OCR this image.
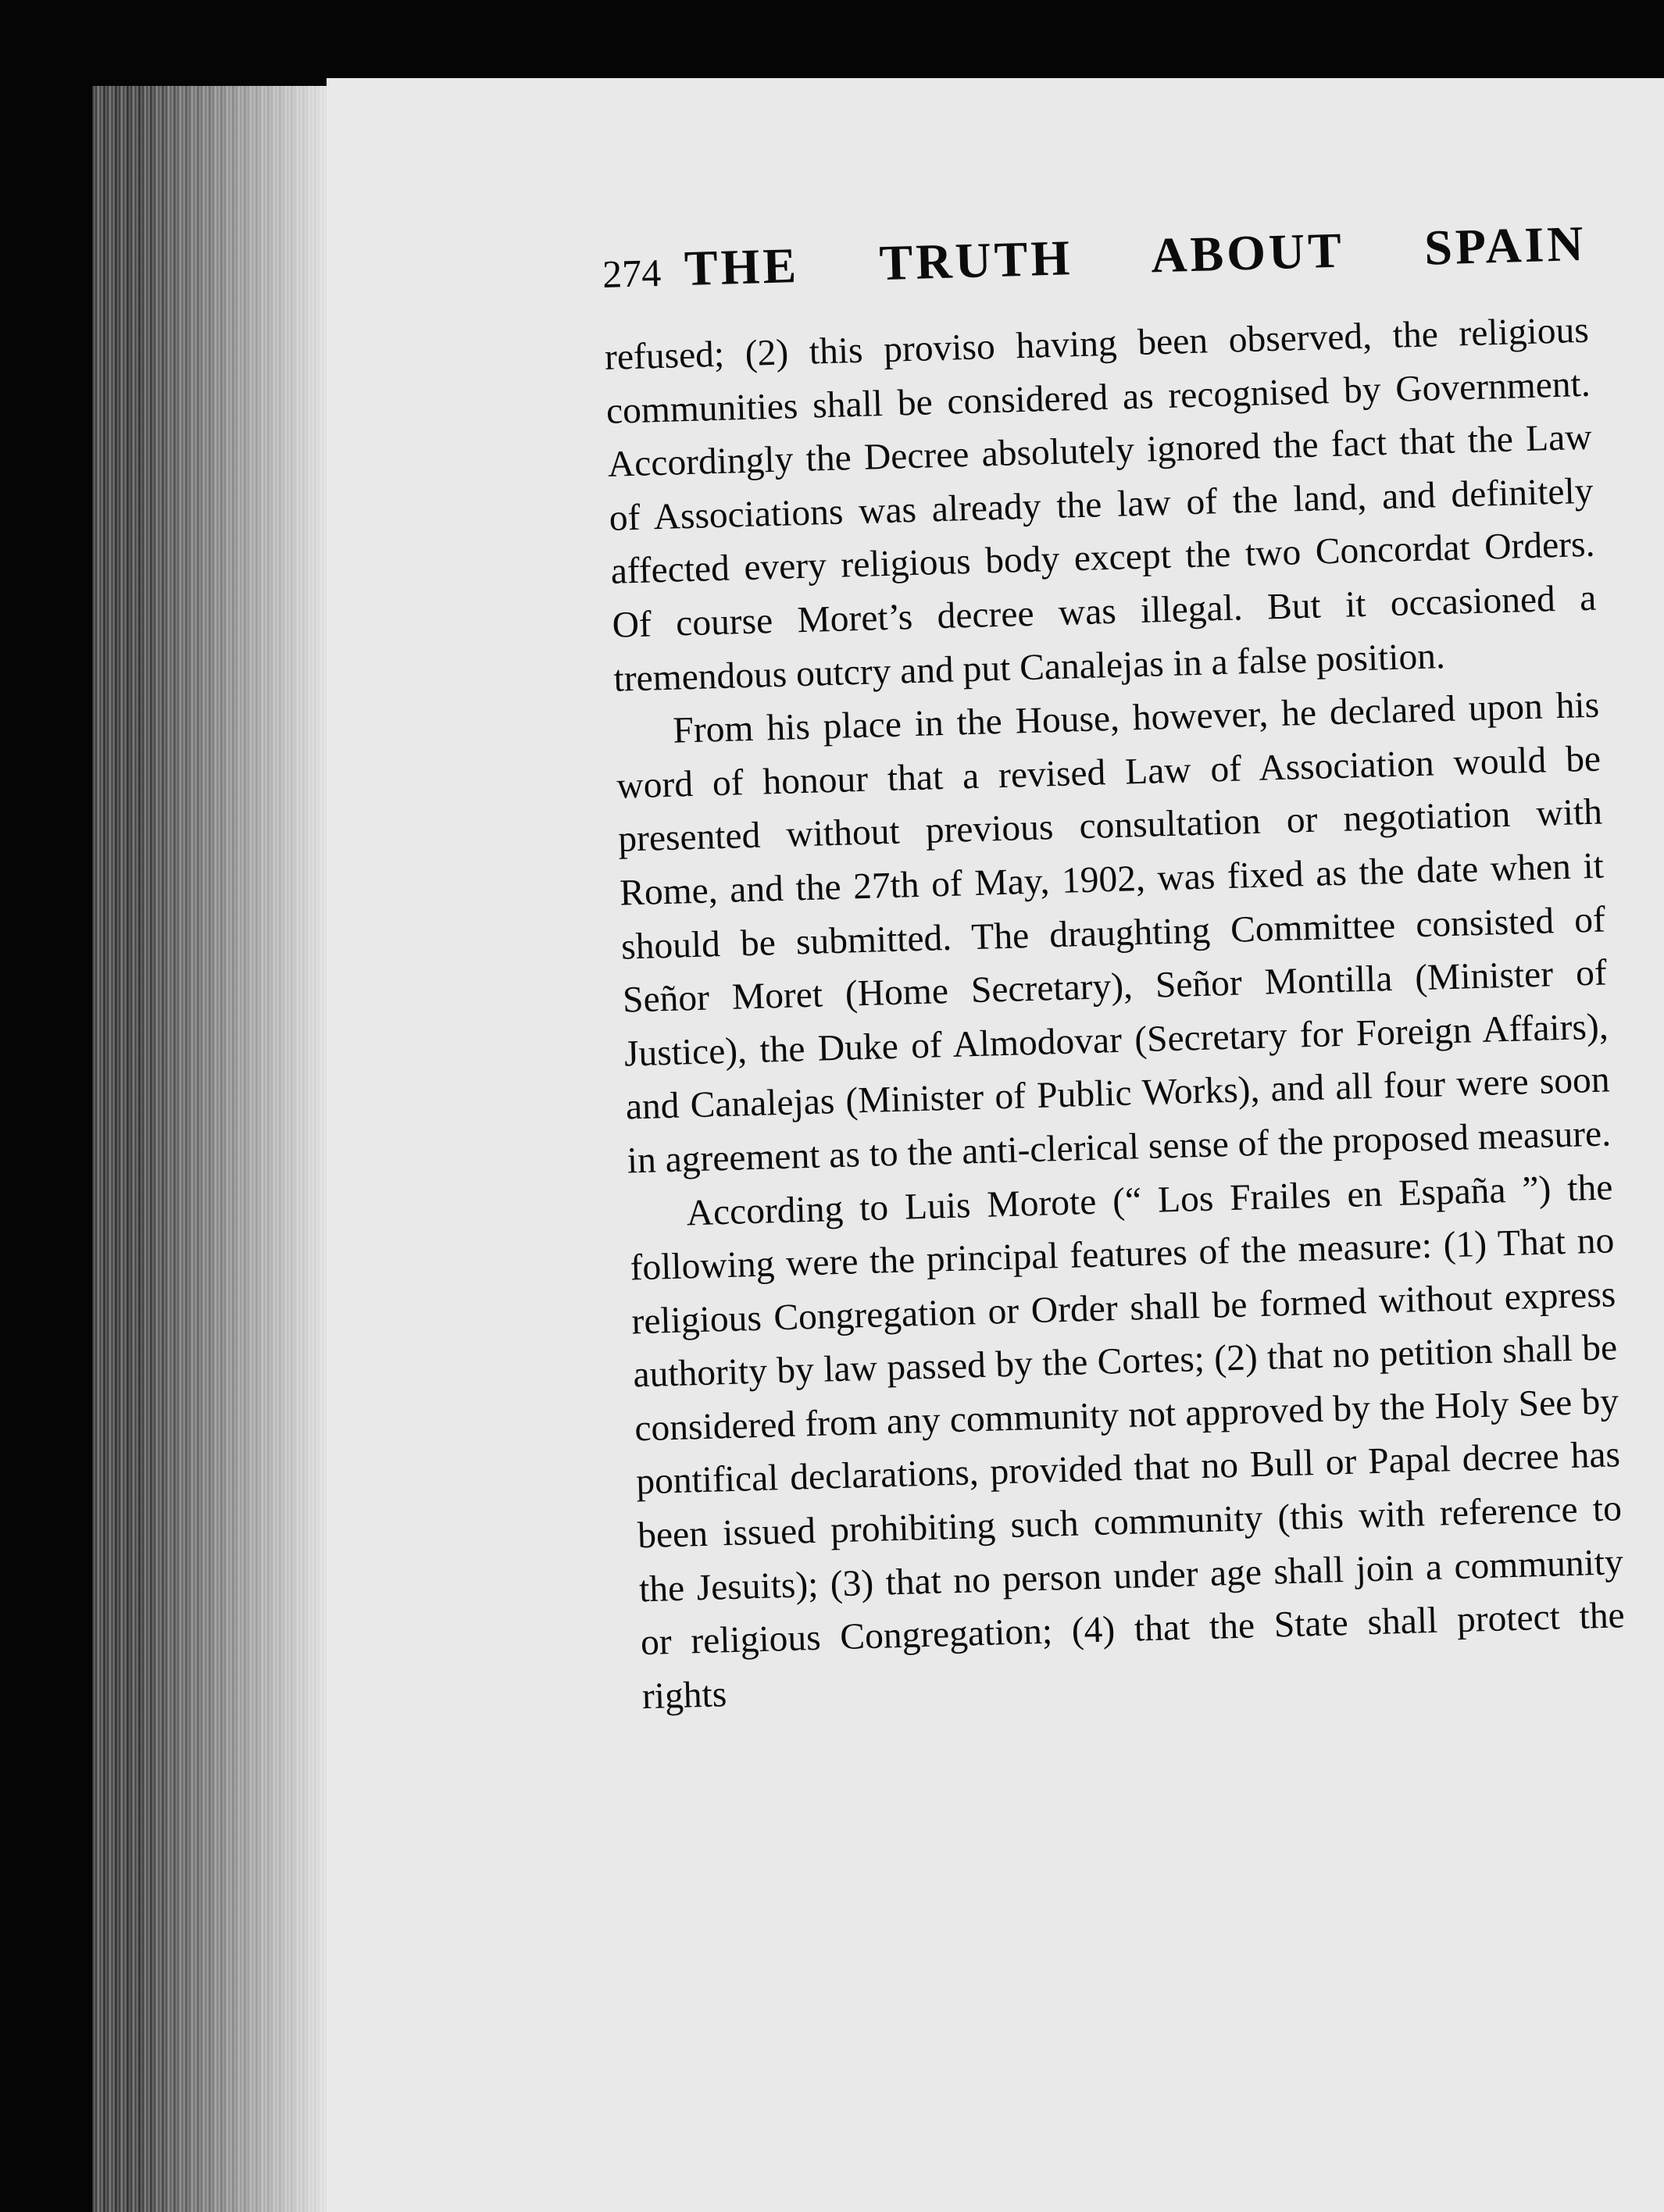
274 THE TRUTH ABOUT SPAIN

refused; (2) this proviso having been observed, the religious communities shall be considered as recognised by Government. Accordingly the Decree absolutely ignored the fact that the Law of Associations was already the law of the land, and definitely affected every religious body except the two Concordat Orders. Of course Moret’s decree was illegal. But it occasioned a tremendous outcry and put Canalejas in a false position.

From his place in the House, however, he declared upon his word of honour that a revised Law of Association would be presented without previous consultation or negotiation with Rome, and the 27th of May, 1902, was fixed as the date when it should be submitted. The draughting Committee consisted of Señor Moret (Home Secretary), Señor Montilla (Minister of Justice), the Duke of Almodovar (Secretary for Foreign Affairs), and Canalejas (Minister of Public Works), and all four were soon in agreement as to the anti-clerical sense of the proposed measure.

According to Luis Morote (“ Los Frailes en España ”) the following were the principal features of the measure: (1) That no religious Congregation or Order shall be formed without express authority by law passed by the Cortes; (2) that no petition shall be considered from any community not approved by the Holy See by pontifical declarations, provided that no Bull or Papal decree has been issued prohibiting such community (this with reference to the Jesuits); (3) that no person under age shall join a community or religious Congregation; (4) that the State shall protect the rights
